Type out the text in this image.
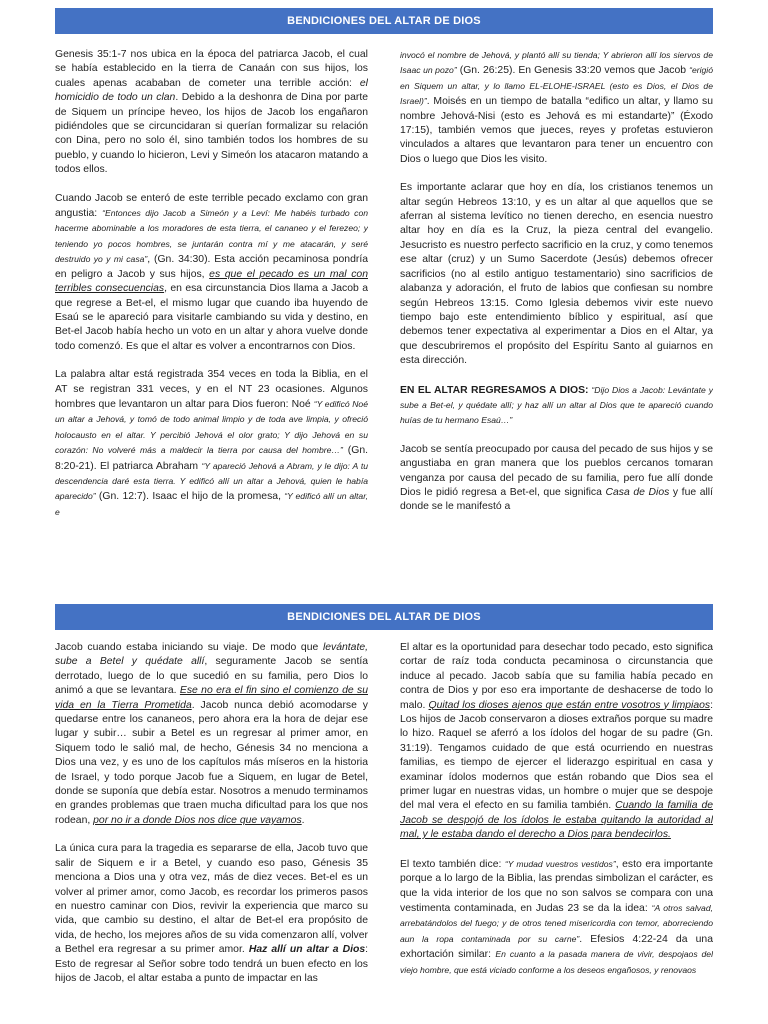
BENDICIONES DEL ALTAR DE DIOS

Genesis 35:1-7 nos ubica en la época del patriarca Jacob, el cual se había establecido en la tierra de Canaán con sus hijos, los cuales apenas acababan de cometer una terrible acción: el homicidio de todo un clan. Debido a la deshonra de Dina por parte de Siquem un príncipe heveo, los hijos de Jacob los engañaron pidiéndoles que se circuncidaran si querían formalizar su relación con Dina, pero no solo él, sino también todos los hombres de su pueblo, y cuando lo hicieron, Levi y Simeón los atacaron matando a todos ellos.

Cuando Jacob se enteró de este terrible pecado exclamo con gran angustia: “Entonces dijo Jacob a Simeón y a Leví: Me habéis turbado con hacerme abominable a los moradores de esta tierra, el cananeo y el ferezeo; y teniendo yo pocos hombres, se juntarán contra mí y me atacarán, y seré destruido yo y mi casa”, (Gn. 34:30). Esta acción pecaminosa pondría en peligro a Jacob y sus hijos, es que el pecado es un mal con terribles consecuencias, en esa circunstancia Dios llama a Jacob a que regrese a Bet-el, el mismo lugar que cuando iba huyendo de Esaú se le apareció para visitarle cambiando su vida y destino, en Bet-el Jacob había hecho un voto en un altar y ahora vuelve donde todo comenzó. Es que el altar es volver a encontrarnos con Dios.

La palabra altar está registrada 354 veces en toda la Biblia, en el AT se registran 331 veces, y en el NT 23 ocasiones. Algunos hombres que levantaron un altar para Dios fueron: Noé “Y edificó Noé un altar a Jehová, y tomó de todo animal limpio y de toda ave limpia, y ofreció holocausto en el altar. Y percibió Jehová el olor grato; Y dijo Jehová en su corazón: No volveré más a maldecir la tierra por causa del hombre…” (Gn. 8:20-21). El patriarca Abraham “Y apareció Jehová a Abram, y le dijo: A tu descendencia daré esta tierra. Y edificó allí un altar a Jehová, quien le había aparecido” (Gn. 12:7). Isaac el hijo de la promesa, “Y edificó allí un altar, e

invocó el nombre de Jehová, y plantó allí su tienda; Y abrieron allí los siervos de Isaac un pozo” (Gn. 26:25). En Genesis 33:20 vemos que Jacob “erigió en Siquem un altar, y lo llamo EL-ELOHE-ISRAEL (esto es Dios, el Dios de Israel)”. Moisés en un tiempo de batalla “edifico un altar, y llamo su nombre Jehová-Nisi (esto es Jehová es mi estandarte)” (Éxodo 17:15), también vemos que jueces, reyes y profetas estuvieron vinculados a altares que levantaron para tener un encuentro con Dios o luego que Dios les visito.

Es importante aclarar que hoy en día, los cristianos tenemos un altar según Hebreos 13:10, y es un altar al que aquellos que se aferran al sistema levítico no tienen derecho, en esencia nuestro altar hoy en día es la Cruz, la pieza central del evangelio. Jesucristo es nuestro perfecto sacrificio en la cruz, y como tenemos ese altar (cruz) y un Sumo Sacerdote (Jesús) debemos ofrecer sacrificios (no al estilo antiguo testamentario) sino sacrificios de alabanza y adoración, el fruto de labios que confiesan su nombre según Hebreos 13:15. Como Iglesia debemos vivir este nuevo tiempo bajo este entendimiento bíblico y espiritual, así que debemos tener expectativa al experimentar a Dios en el Altar, ya que descubriremos el propósito del Espíritu Santo al guiarnos en esta dirección.

EN EL ALTAR REGRESAMOS A DIOS: “Dijo Dios a Jacob: Levántate y sube a Bet-el, y quédate allí; y haz allí un altar al Dios que te apareció cuando huías de tu hermano Esaú…”

Jacob se sentía preocupado por causa del pecado de sus hijos y se angustiaba en gran manera que los pueblos cercanos tomaran venganza por causa del pecado de su familia, pero fue allí donde Dios le pidió regresa a Bet-el, que significa Casa de Dios y fue allí donde se le manifestó a

BENDICIONES DEL ALTAR DE DIOS

Jacob cuando estaba iniciando su viaje. De modo que levántate, sube a Betel y quédate allí, seguramente Jacob se sentía derrotado, luego de lo que sucedió en su familia, pero Dios lo animó a que se levantara. Ese no era el fin sino el comienzo de su vida en la Tierra Prometida. Jacob nunca debió acomodarse y quedarse entre los cananeos, pero ahora era la hora de dejar ese lugar y subir… subir a Betel es un regresar al primer amor, en Siquem todo le salió mal, de hecho, Génesis 34 no menciona a Dios una vez, y es uno de los capítulos más míseros en la historia de Israel, y todo porque Jacob fue a Siquem, en lugar de Betel, donde se suponía que debía estar. Nosotros a menudo terminamos en grandes problemas que traen mucha dificultad para los que nos rodean, por no ir a donde Dios nos dice que vayamos.

La única cura para la tragedia es separarse de ella, Jacob tuvo que salir de Siquem e ir a Betel, y cuando eso paso, Génesis 35 menciona a Dios una y otra vez, más de diez veces. Bet-el es un volver al primer amor, como Jacob, es recordar los primeros pasos en nuestro caminar con Dios, revivir la experiencia que marco su vida, que cambio su destino, el altar de Bet-el era propósito de vida, de hecho, los mejores años de su vida comenzaron allí, volver a Bethel era regresar a su primer amor. Haz allí un altar a Dios: Esto de regresar al Señor sobre todo tendrá un buen efecto en los hijos de Jacob, el altar estaba a punto de impactar en las

El altar es la oportunidad para desechar todo pecado, esto significa cortar de raíz toda conducta pecaminosa o circunstancia que induce al pecado. Jacob sabía que su familia había pecado en contra de Dios y por eso era importante de deshacerse de todo lo malo. Quitad los dioses ajenos que están entre vosotros y limpiaos: Los hijos de Jacob conservaron a dioses extraños porque su madre lo hizo. Raquel se aferró a los ídolos del hogar de su padre (Gn. 31:19). Tengamos cuidado de que está ocurriendo en nuestras familias, es tiempo de ejercer el liderazgo espiritual en casa y examinar ídolos modernos que están robando que Dios sea el primer lugar en nuestras vidas, un hombre o mujer que se despoje del mal vera el efecto en su familia también. Cuando la familia de Jacob se despojó de los ídolos le estaba quitando la autoridad al mal, y le estaba dando el derecho a Dios para bendecirlos.

El texto también dice: “Y mudad vuestros vestidos”, esto era importante porque a lo largo de la Biblia, las prendas simbolizan el carácter, es que la vida interior de los que no son salvos se compara con una vestimenta contaminada, en Judas 23 se da la idea: “A otros salvad, arrebatándolos del fuego; y de otros tened misericordia con temor, aborreciendo aun la ropa contaminada por su carne”. Efesios 4:22-24 da una exhortación similar: En cuanto a la pasada manera de vivir, despojaos del viejo hombre, que está viciado conforme a los deseos engañosos, y renovaos
